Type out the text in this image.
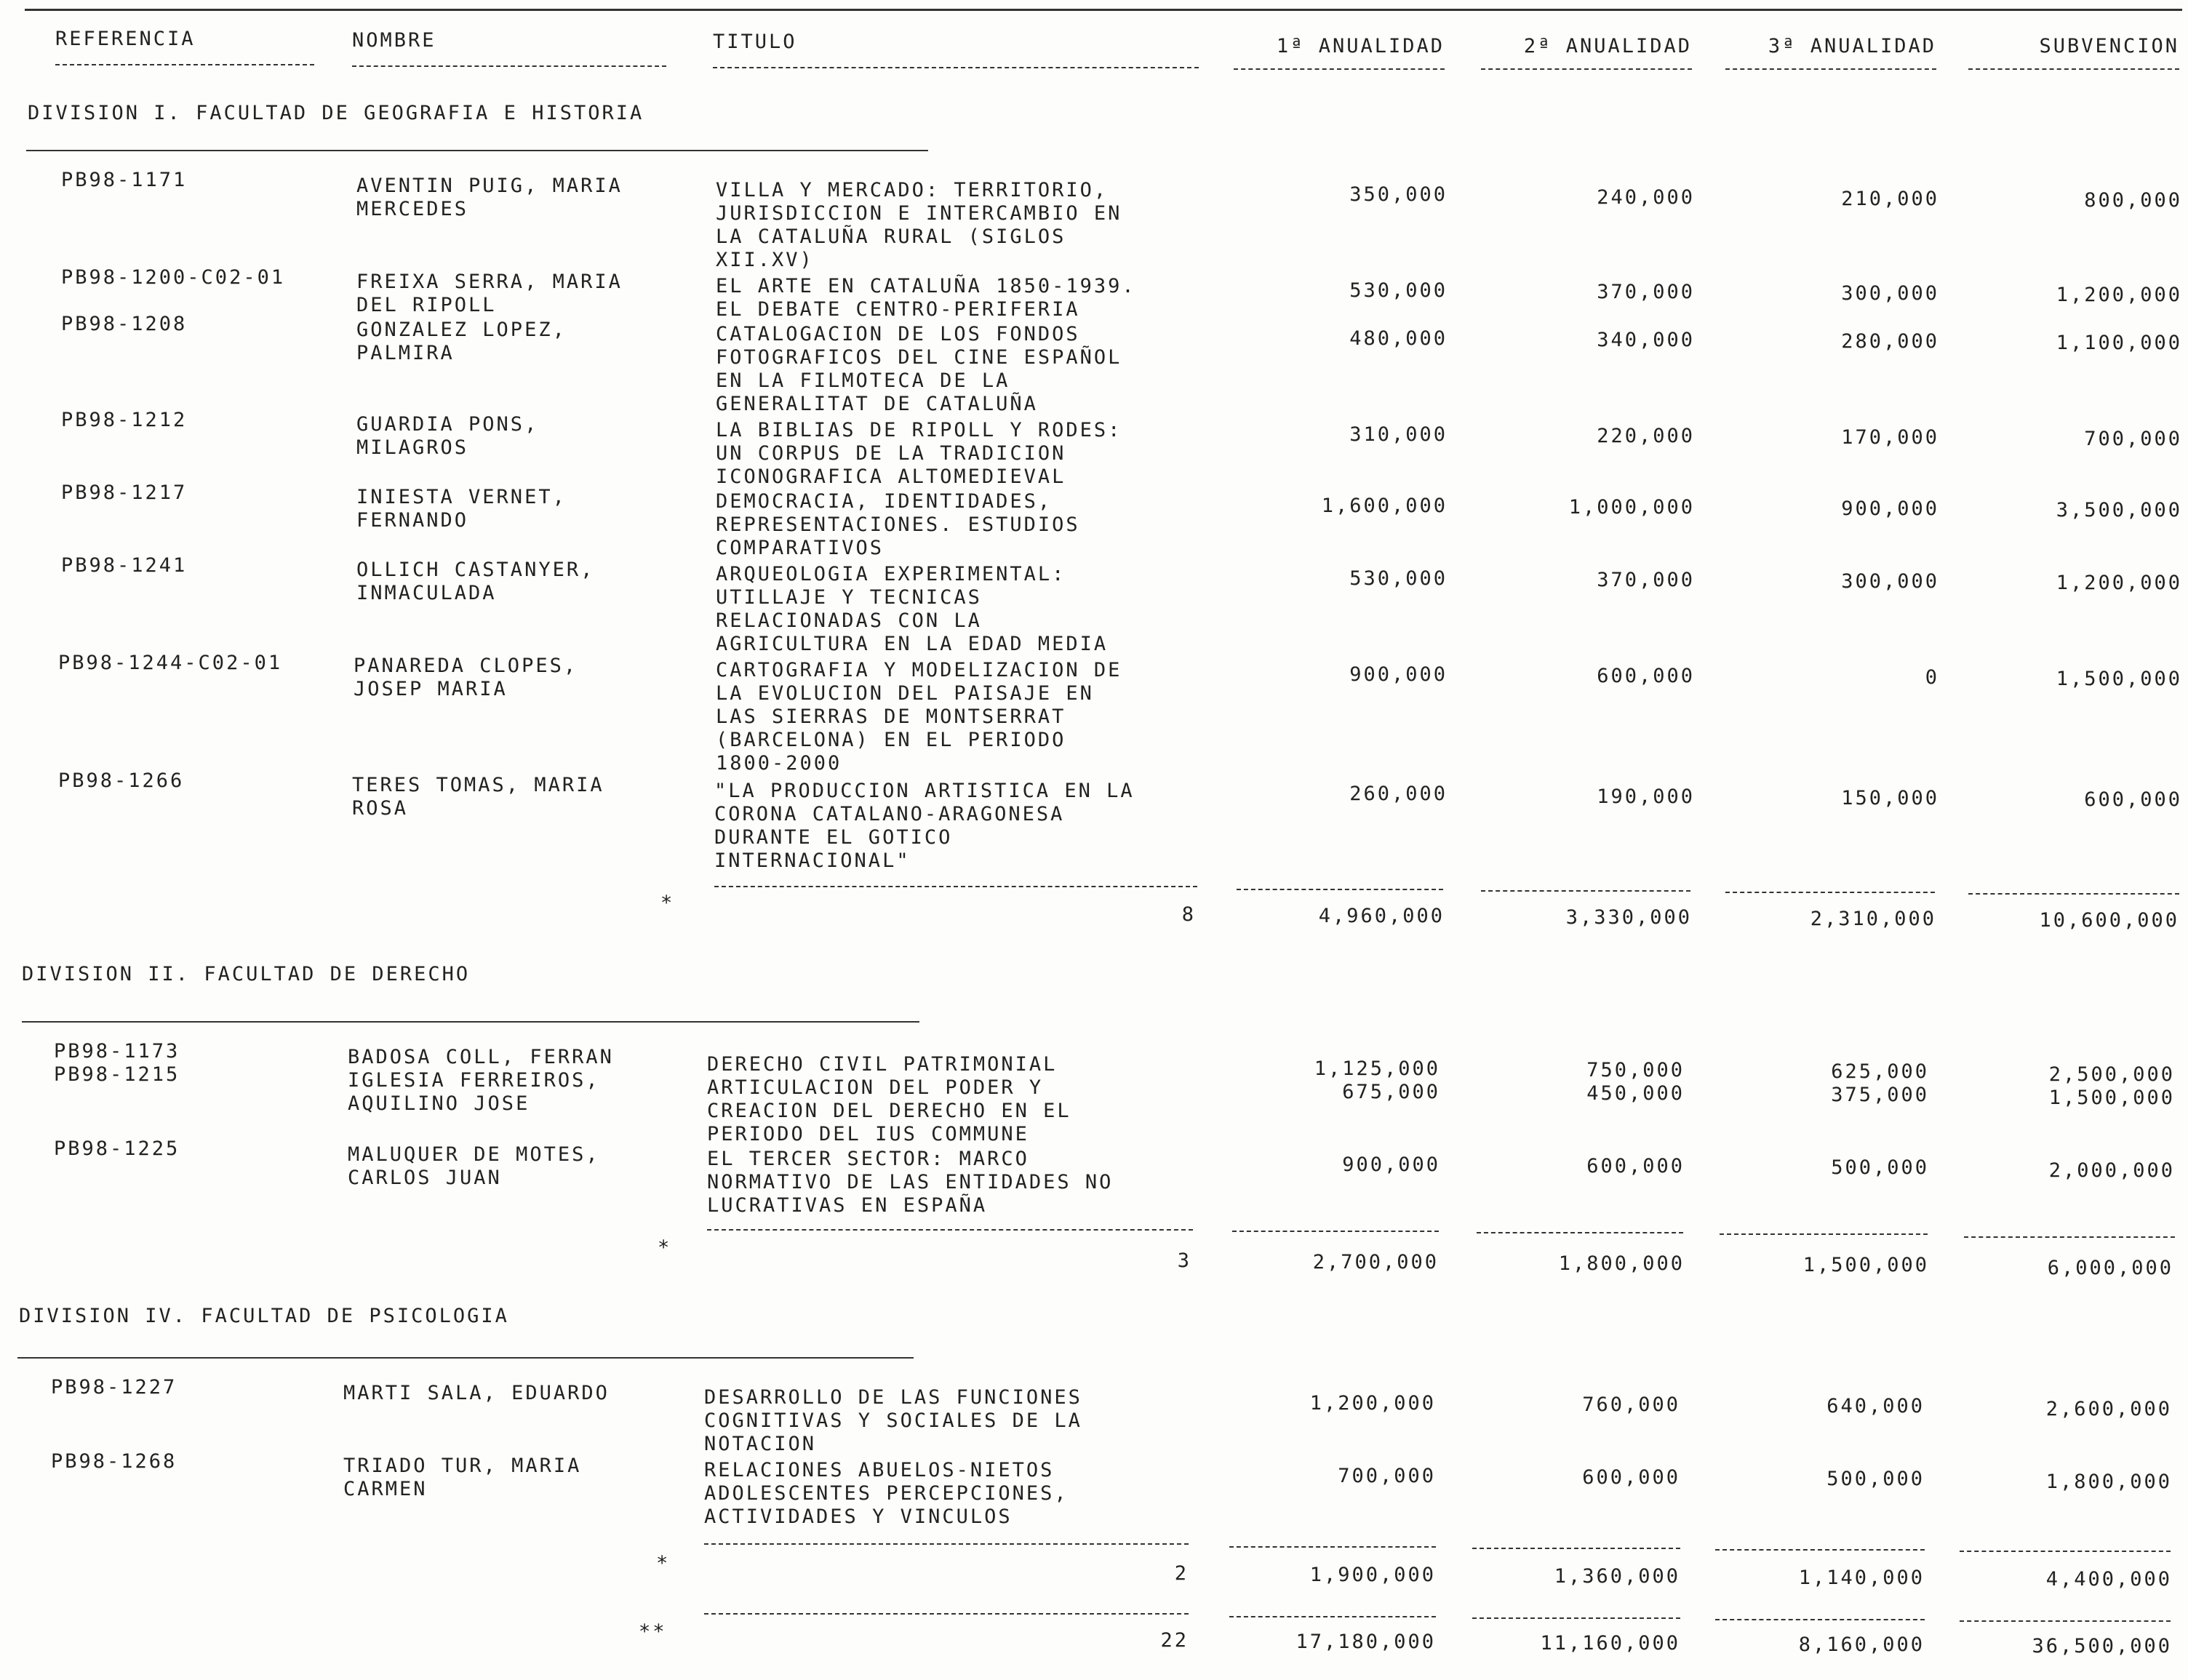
REFERENCIA	NOMBRE	TITULO	1ª ANUALIDAD	2ª ANUALIDAD	3ª ANUALIDAD	SUBVENCION
DIVISION I. FACULTAD DE GEOGRAFIA E HISTORIA
PB98-1171	AVENTIN PUIG, MARIA
MERCEDES
VILLA Y MERCADO: TERRITORIO,
JURISDICCION E INTERCAMBIO EN
LA CATALUÑA RURAL (SIGLOS
XII.XV)
350,000	240,000	210,000	800,000
PB98-1200-C02-01	FREIXA SERRA, MARIA
DEL RIPOLL
EL ARTE EN CATALUÑA 1850-1939.
EL DEBATE CENTRO-PERIFERIA
530,000	370,000	300,000	1,200,000
PB98-1208	GONZALEZ LOPEZ,
PALMIRA
CATALOGACION DE LOS FONDOS
FOTOGRAFICOS DEL CINE ESPAÑOL
EN LA FILMOTECA DE LA
GENERALITAT DE CATALUÑA
480,000	340,000	280,000	1,100,000
PB98-1212	GUARDIA PONS,
MILAGROS
LA BIBLIAS DE RIPOLL Y RODES:
UN CORPUS DE LA TRADICION
ICONOGRAFICA ALTOMEDIEVAL
310,000	220,000	170,000	700,000
PB98-1217	INIESTA VERNET,
FERNANDO
DEMOCRACIA, IDENTIDADES,
REPRESENTACIONES. ESTUDIOS
COMPARATIVOS
1,600,000	1,000,000	900,000	3,500,000
PB98-1241	OLLICH CASTANYER,
INMACULADA
ARQUEOLOGIA EXPERIMENTAL:
UTILLAJE Y TECNICAS
RELACIONADAS CON LA
AGRICULTURA EN LA EDAD MEDIA
530,000	370,000	300,000	1,200,000
PB98-1244-C02-01	PANAREDA CLOPES,
JOSEP MARIA
CARTOGRAFIA Y MODELIZACION DE
LA EVOLUCION DEL PAISAJE EN
LAS SIERRAS DE MONTSERRAT
(BARCELONA) EN EL PERIODO
1800-2000
900,000	600,000	0	1,500,000
PB98-1266	TERES TOMAS, MARIA
ROSA
"LA PRODUCCION ARTISTICA EN LA
CORONA CATALANO-ARAGONESA
DURANTE EL GOTICO
INTERNACIONAL"
260,000	190,000	150,000	600,000
*
8	4,960,000	3,330,000	2,310,000	10,600,000
DIVISION II. FACULTAD DE DERECHO
PB98-1173	BADOSA COLL, FERRAN	DERECHO CIVIL PATRIMONIAL	1,125,000	750,000	625,000	2,500,000
PB98-1215	IGLESIA FERREIROS,
AQUILINO JOSE
ARTICULACION DEL PODER Y
CREACION DEL DERECHO EN EL
PERIODO DEL IUS COMMUNE
675,000	450,000	375,000	1,500,000
PB98-1225	MALUQUER DE MOTES,
CARLOS JUAN
EL TERCER SECTOR: MARCO
NORMATIVO DE LAS ENTIDADES NO
LUCRATIVAS EN ESPAÑA
900,000	600,000	500,000	2,000,000
*
3	2,700,000	1,800,000	1,500,000	6,000,000
DIVISION IV. FACULTAD DE PSICOLOGIA
PB98-1227	MARTI SALA, EDUARDO	DESARROLLO DE LAS FUNCIONES
COGNITIVAS Y SOCIALES DE LA
NOTACION
1,200,000	760,000	640,000	2,600,000
PB98-1268	TRIADO TUR, MARIA
CARMEN
RELACIONES ABUELOS-NIETOS
ADOLESCENTES PERCEPCIONES,
ACTIVIDADES Y VINCULOS
700,000	600,000	500,000	1,800,000
*	2	1,900,000	1,360,000	1,140,000	4,400,000
**	22	17,180,000	11,160,000	8,160,000	36,500,000
